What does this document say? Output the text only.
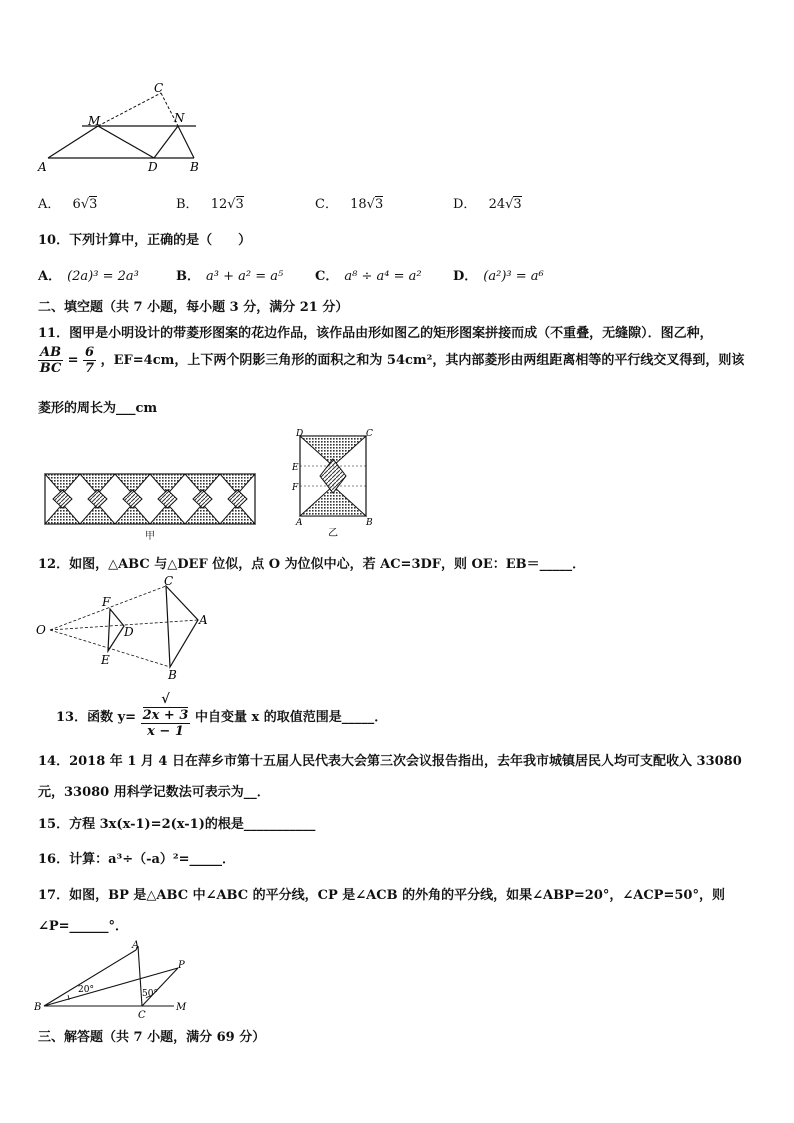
C
M	N
A	D	B
A． 6√3	B． 12√3	C． 18√3	D． 24√3
10．下列计算中，正确的是（　　）
A． (2a)³ = 2a³	B． a³ + a² = a⁵ C． a⁸ ÷ a⁴ = a² D． (a²)³ = a⁶
二、填空题（共 7 小题，每小题 3 分，满分 21 分）
11．图甲是小明设计的带菱形图案的花边作品，该作品由形如图乙的矩形图案拼接而成（不重叠，无缝隙）．图乙种，
$\frac{AB}{BC} = \frac{6}{7}$ ，EF=4cm，上下两个阴影三角形的面积之和为 54cm²，其内部菱形由两组距离相等的平行线交叉得到，则该
菱形的周长为___cm
甲
D	C
E
F
A	B
乙
12．如图，△ABC 与△DEF 位似，点 O 为位似中心，若 AC=3DF，则 OE：EB＝_____．
O
F
D
E
C
A
B
13．函数 y= √
2x + 3
x − 1 中自变量 x 的取值范围是_____．
14．2018 年 1 月 4 日在萍乡市第十五届人民代表大会第三次会议报告指出，去年我市城镇居民人均可支配收入 33080
元，33080 用科学记数法可表示为__．
15．方程 3x(x-1)=2(x-1)的根是___________
16．计算：a³÷（-a）²=_____．
17．如图，BP 是△ABC 中∠ABC 的平分线，CP 是∠ACB 的外角的平分线，如果∠ABP=20°，∠ACP=50°，则
∠P=______°．
A
P
B
C
M
20°	50°
三、解答题（共 7 小题，满分 69 分）
